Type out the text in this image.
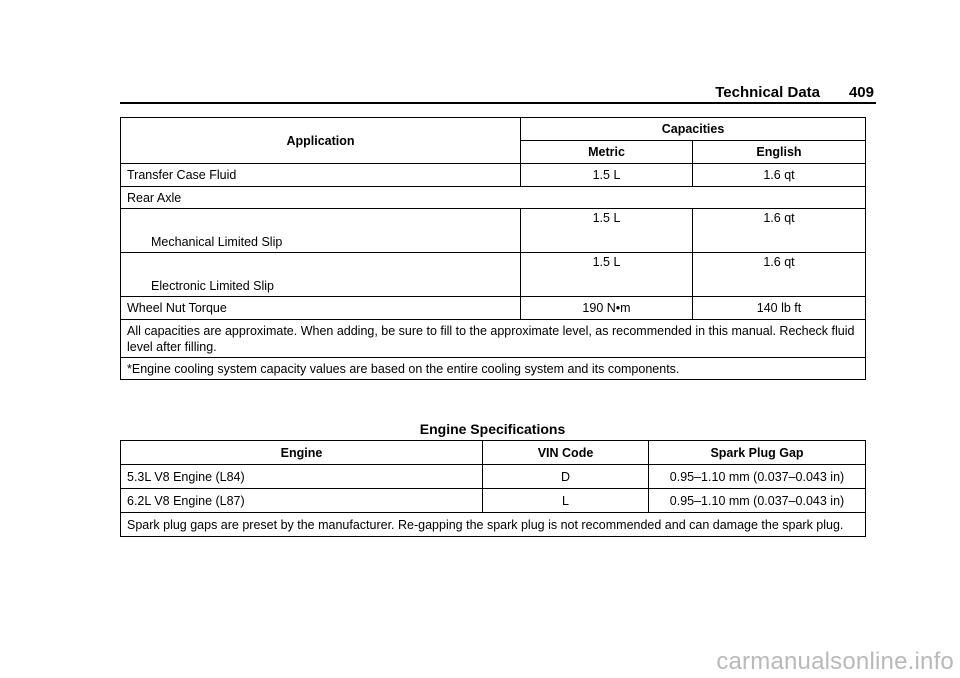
Technical Data 409
Application	Capacities	
	Metric	English
Transfer Case Fluid	1.5 L	1.6 qt
Rear Axle		
Mechanical Limited Slip	1.5 L	1.6 qt
Electronic Limited Slip	1.5 L	1.6 qt
Wheel Nut Torque	190 N•m	140 lb ft
All capacities are approximate. When adding, be sure to fill to the approximate level, as recommended in this manual. Recheck fluid level after filling.		
*Engine cooling system capacity values are based on the entire cooling system and its components.		
Engine Specifications
Engine	VIN Code	Spark Plug Gap
5.3L V8 Engine (L84)	D	0.95–1.10 mm (0.037–0.043 in)
6.2L V8 Engine (L87)	L	0.95–1.10 mm (0.037–0.043 in)
Spark plug gaps are preset by the manufacturer. Re-gapping the spark plug is not recommended and can damage the spark plug.		
carmanualsonline.info
